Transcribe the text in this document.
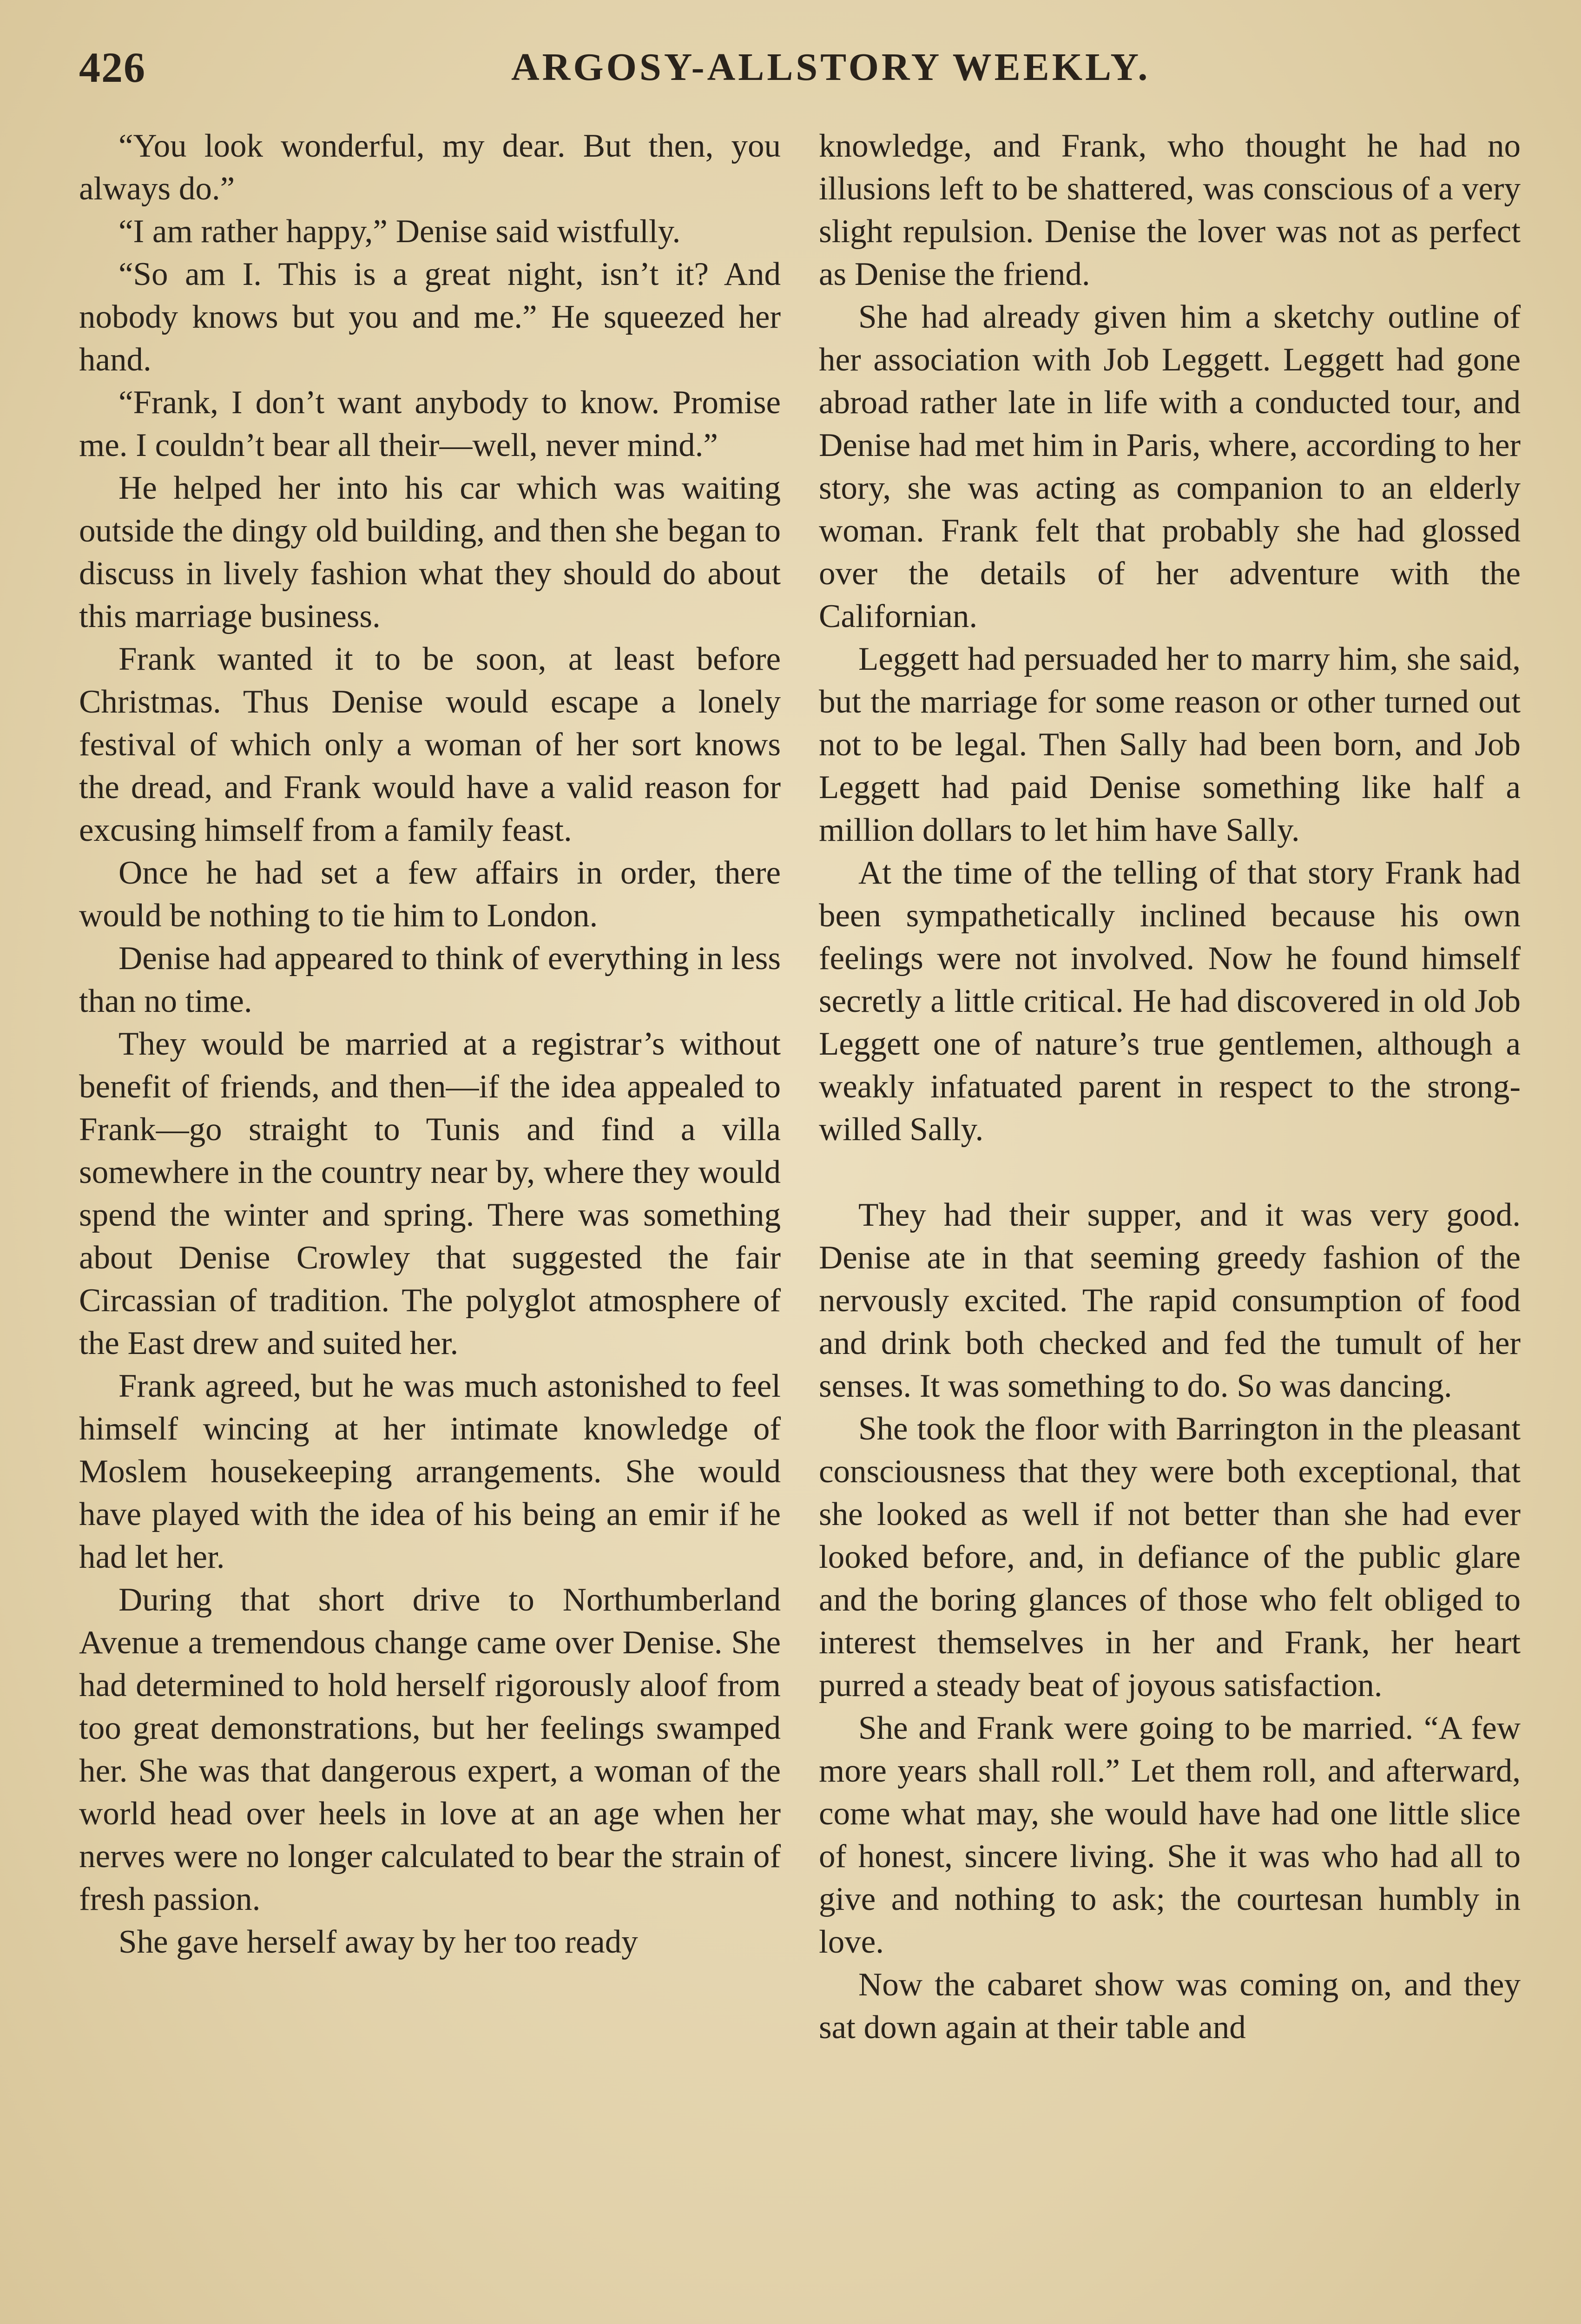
426	ARGOSY-ALLSTORY WEEKLY.

“You look wonderful, my dear. But then, you always do.”

“I am rather happy,” Denise said wistfully.

“So am I. This is a great night, isn’t it? And nobody knows but you and me.” He squeezed her hand.

“Frank, I don’t want anybody to know. Promise me. I couldn’t bear all their—well, never mind.”

He helped her into his car which was waiting outside the dingy old building, and then she began to discuss in lively fashion what they should do about this marriage business.

Frank wanted it to be soon, at least before Christmas. Thus Denise would escape a lonely festival of which only a woman of her sort knows the dread, and Frank would have a valid reason for excusing himself from a family feast.

Once he had set a few affairs in order, there would be nothing to tie him to London.

Denise had appeared to think of everything in less than no time.

They would be married at a registrar’s without benefit of friends, and then—if the idea appealed to Frank—go straight to Tunis and find a villa somewhere in the country near by, where they would spend the winter and spring. There was something about Denise Crowley that suggested the fair Circassian of tradition. The polyglot atmosphere of the East drew and suited her.

Frank agreed, but he was much astonished to feel himself wincing at her intimate knowledge of Moslem housekeeping arrangements. She would have played with the idea of his being an emir if he had let her.

During that short drive to Northumberland Avenue a tremendous change came over Denise. She had determined to hold herself rigorously aloof from too great demonstrations, but her feelings swamped her. She was that dangerous expert, a woman of the world head over heels in love at an age when her nerves were no longer calculated to bear the strain of fresh passion.

She gave herself away by her too ready

knowledge, and Frank, who thought he had no illusions left to be shattered, was conscious of a very slight repulsion. Denise the lover was not as perfect as Denise the friend.

She had already given him a sketchy outline of her association with Job Leggett. Leggett had gone abroad rather late in life with a conducted tour, and Denise had met him in Paris, where, according to her story, she was acting as companion to an elderly woman. Frank felt that probably she had glossed over the details of her adventure with the Californian.

Leggett had persuaded her to marry him, she said, but the marriage for some reason or other turned out not to be legal. Then Sally had been born, and Job Leggett had paid Denise something like half a million dollars to let him have Sally.

At the time of the telling of that story Frank had been sympathetically inclined because his own feelings were not involved. Now he found himself secretly a little critical. He had discovered in old Job Leggett one of nature’s true gentlemen, although a weakly infatuated parent in respect to the strong-willed Sally.

They had their supper, and it was very good. Denise ate in that seeming greedy fashion of the nervously excited. The rapid consumption of food and drink both checked and fed the tumult of her senses. It was something to do. So was dancing.

She took the floor with Barrington in the pleasant consciousness that they were both exceptional, that she looked as well if not better than she had ever looked before, and, in defiance of the public glare and the boring glances of those who felt obliged to interest themselves in her and Frank, her heart purred a steady beat of joyous satisfaction.

She and Frank were going to be married. “A few more years shall roll.” Let them roll, and afterward, come what may, she would have had one little slice of honest, sincere living. She it was who had all to give and nothing to ask; the courtesan humbly in love.

Now the cabaret show was coming on, and they sat down again at their table and
